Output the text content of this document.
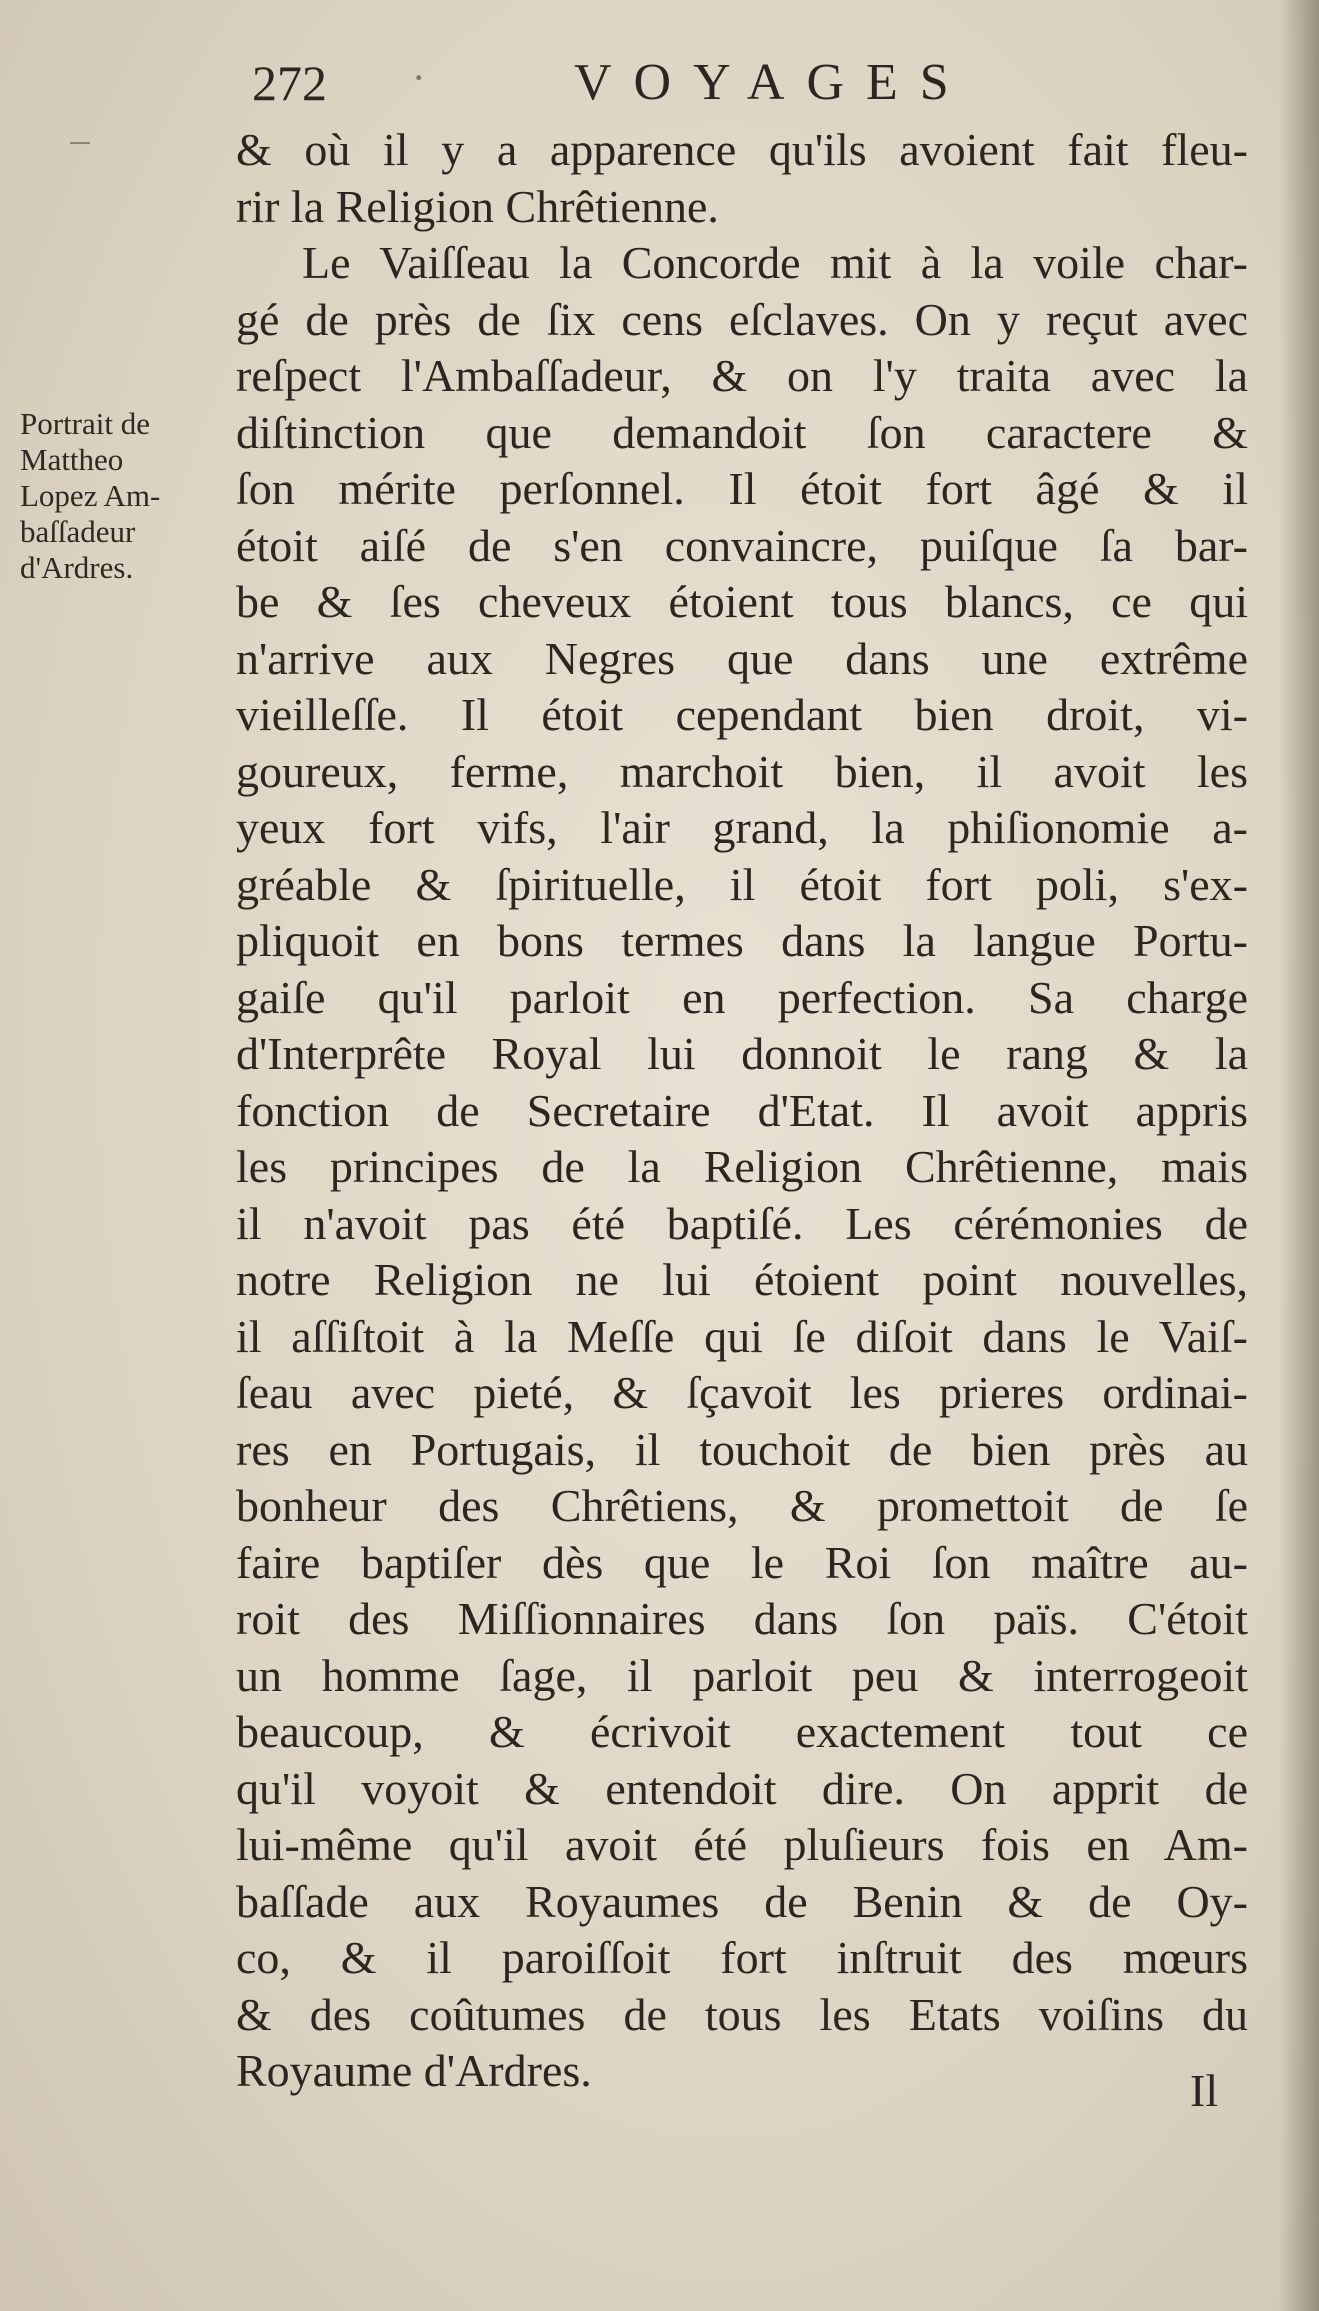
272 ·	VOYAGES
Portrait de
Mattheo
Lopez Am-
baſſadeur
d'Ardres.
& où il y a apparence qu'ils avoient fait fleu-
rir la Religion Chrêtienne.
Le Vaiſſeau la Concorde mit à la voile char-
gé de près de ſix cens eſclaves. On y reçut avec
reſpect l'Ambaſſadeur, & on l'y traita avec la
diſtinction que demandoit ſon caractere &
ſon mérite perſonnel. Il étoit fort âgé & il
étoit aiſé de s'en convaincre, puiſque ſa bar-
be & ſes cheveux étoient tous blancs, ce qui
n'arrive aux Negres que dans une extrême
vieilleſſe. Il étoit cependant bien droit, vi-
goureux, ferme, marchoit bien, il avoit les
yeux fort vifs, l'air grand, la phiſionomie a-
gréable & ſpirituelle, il étoit fort poli, s'ex-
pliquoit en bons termes dans la langue Portu-
gaiſe qu'il parloit en perfection. Sa charge
d'Interprête Royal lui donnoit le rang & la
fonction de Secretaire d'Etat. Il avoit appris
les principes de la Religion Chrêtienne, mais
il n'avoit pas été baptiſé. Les cérémonies de
notre Religion ne lui étoient point nouvelles,
il aſſiſtoit à la Meſſe qui ſe diſoit dans le Vaiſ-
ſeau avec pieté, & ſçavoit les prieres ordinai-
res en Portugais, il touchoit de bien près au
bonheur des Chrêtiens, & promettoit de ſe
faire baptiſer dès que le Roi ſon maître au-
roit des Miſſionnaires dans ſon païs. C'étoit
un homme ſage, il parloit peu & interrogeoit
beaucoup, & écrivoit exactement tout ce
qu'il voyoit & entendoit dire. On apprit de
lui-même qu'il avoit été pluſieurs fois en Am-
baſſade aux Royaumes de Benin & de Oy-
co, & il paroiſſoit fort inſtruit des mœurs
& des coûtumes de tous les Etats voiſins du
Royaume d'Ardres.	Il
